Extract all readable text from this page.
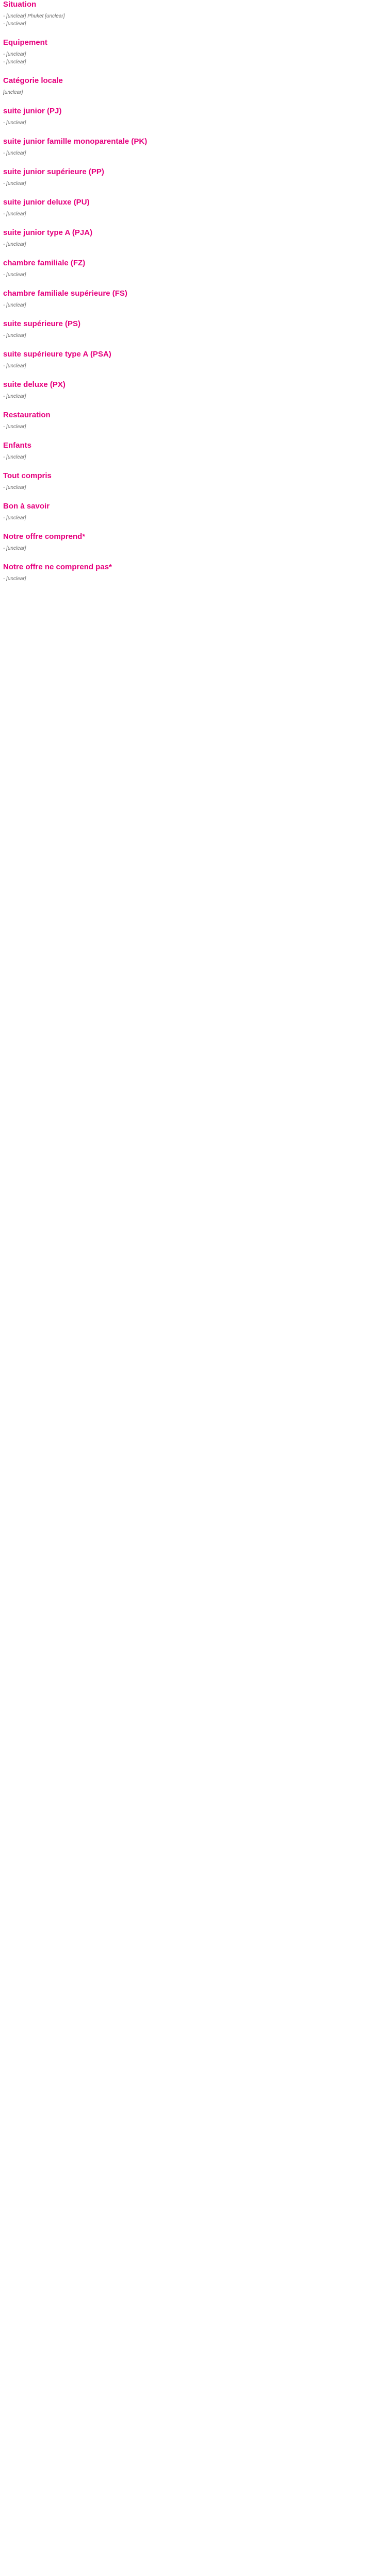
Situation
- [unclear] Phuket [unclear]
- [unclear]
Equipement
- [unclear]
- [unclear]
Catégorie locale
[unclear]
suite junior (PJ)
- [unclear]
suite junior famille monoparentale (PK)
- [unclear]
suite junior supérieure (PP)
- [unclear]
suite junior deluxe (PU)
- [unclear]
suite junior type A (PJA)
- [unclear]
chambre familiale (FZ)
- [unclear]
chambre familiale supérieure (FS)
- [unclear]
suite supérieure (PS)
- [unclear]
suite supérieure type A (PSA)
- [unclear]
suite deluxe (PX)
- [unclear]
Restauration
- [unclear]
Enfants
- [unclear]
Tout compris
- [unclear]
Bon à savoir
- [unclear]
Notre offre comprend*
- [unclear]
Notre offre ne comprend pas*
- [unclear]
